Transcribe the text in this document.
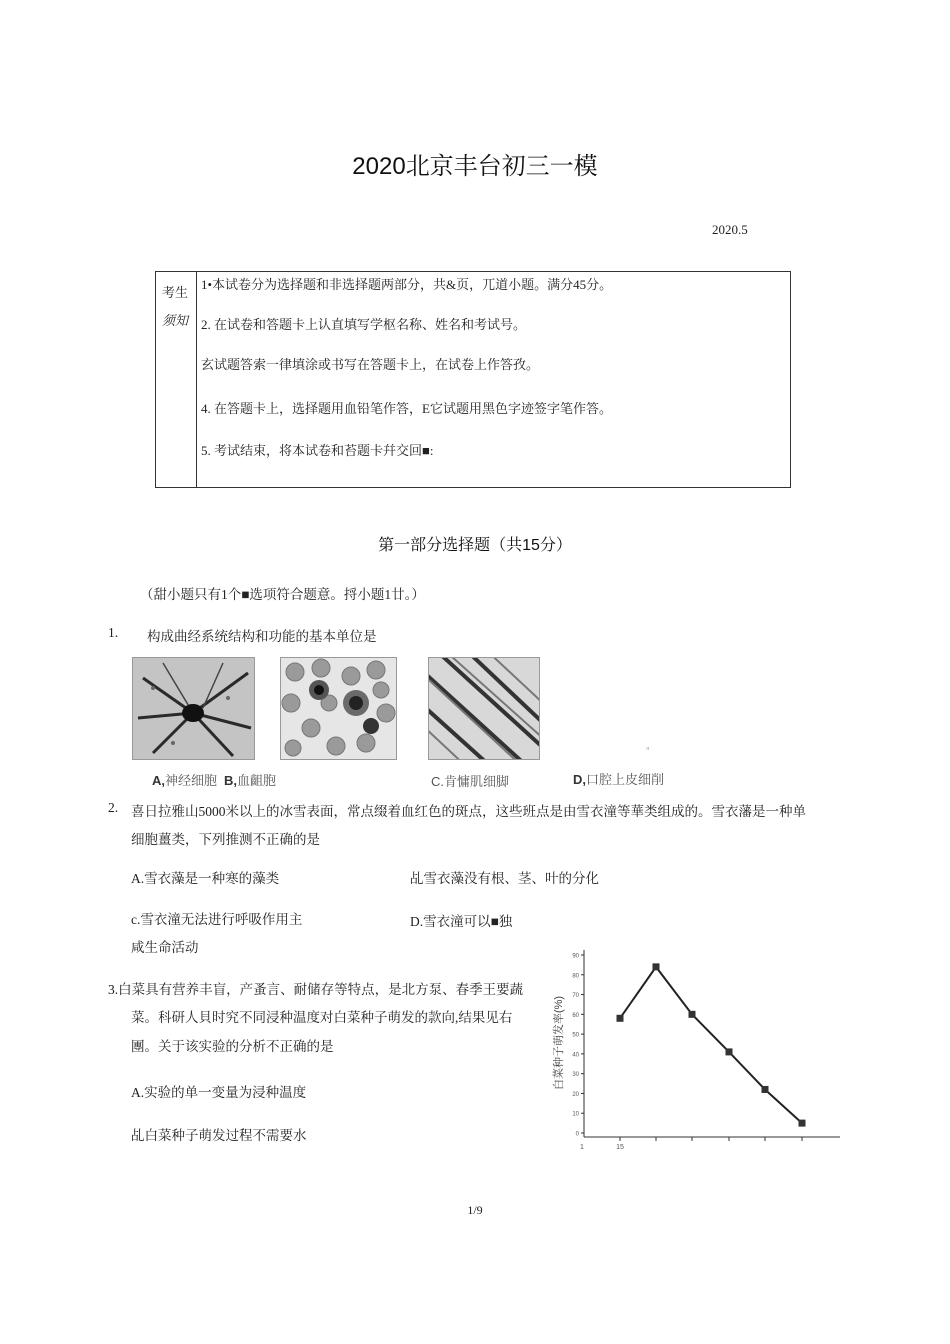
2020北京丰台初三一模
2020.5
考生
须知
1•本试卷分为选择题和非选择题两部分，共&页，兀道小题。满分45分。
2. 在试卷和答题卡上认直填写学枢名称、姓名和考试号。
玄试题答索一律填涂或书写在答题卡上，在试卷上作答孜。
4. 在答题卡上，选择题用血铅笔作答，E它试题用黑色字迹签字笔作答。
5. 考试结束，将本试卷和苔题卡幷交回■:
第一部分选择题（共15分）
（甜小题只有1个■选项符合题意。捋小题1廿。）
1. 构成曲经系统结构和功能的基本单位是
"
A,神经细胞 B,血齟胞	C.肯慵肌细脚	D,口腔上皮细削
2. 喜日拉雅山5000米以上的冰雪表面，常点缀着血红色的斑点，这些班点是由雪衣潼等華类组成的。雪衣藩是一种单
细胞薑类，下列推测不正确的是
A.雪衣藻是一种寒的藻类	乩雪衣藻没有根、茎、叶的分化
c.雪衣潼无法进行呼吸作用主	D.雪衣潼可以■独
咸生命活动
3.白菜具有营养丰盲，产蚤言、耐储存等特点，是北方泵、春季王要蔬
菜。科研人貝时究不同浸种温度对白菜种子萌发的款向,结果见右
團。关于该实验的分析不正确的是
A.实验的单一变量为浸种温度
乩白菜种子萌发过程不需要水
白菜种子萌发率(%)
90
80
70
60
50
40
30
20
10
0
1	15
1/9
